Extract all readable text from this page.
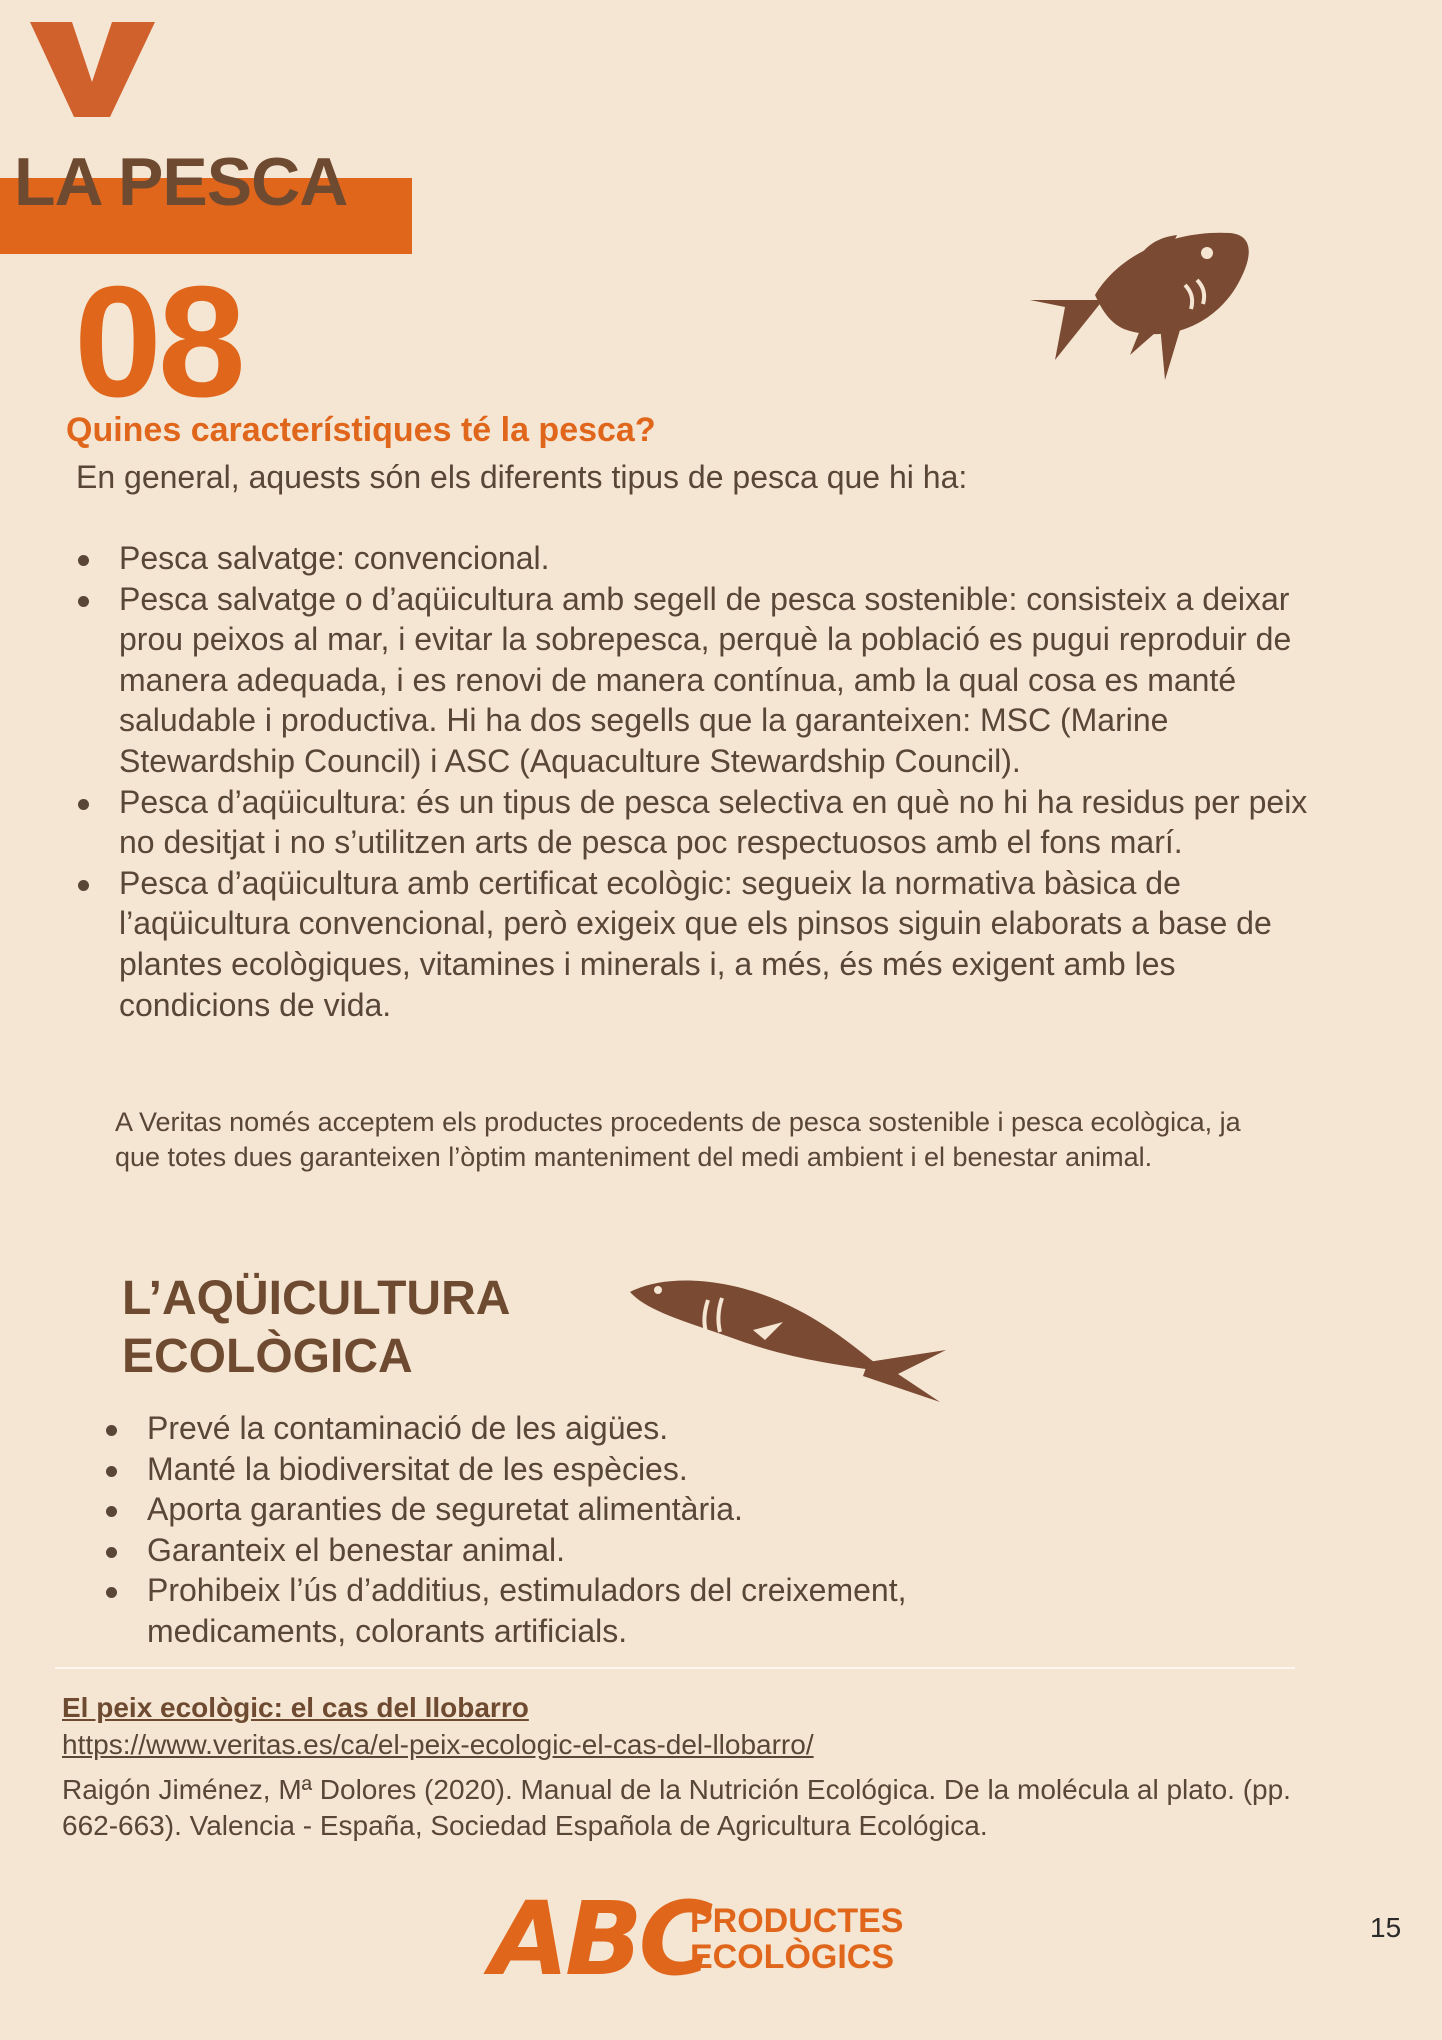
LA PESCA
08
Quines característiques té la pesca?

En general, aquests són els diferents tipus de pesca que hi ha:

Pesca salvatge: convencional.
Pesca salvatge o d’aqüicultura amb segell de pesca sostenible: consisteix a deixar prou peixos al mar, i evitar la sobrepesca, perquè la població es pugui reproduir de manera adequada, i es renovi de manera contínua, amb la qual cosa es manté saludable i productiva. Hi ha dos segells que la garanteixen: MSC (Marine Stewardship Council) i ASC (Aquaculture Stewardship Council).
Pesca d’aqüicultura: és un tipus de pesca selectiva en què no hi ha residus per peix no desitjat i no s’utilitzen arts de pesca poc respectuosos amb el fons marí.
Pesca d’aqüicultura amb certificat ecològic: segueix la normativa bàsica de l’aqüicultura convencional, però exigeix que els pinsos siguin elaborats a base de plantes ecològiques, vitamines i minerals i, a més, és més exigent amb les condicions de vida.

A Veritas només acceptem els productes procedents de pesca sostenible i pesca ecològica, ja que totes dues garanteixen l’òptim manteniment del medi ambient i el benestar animal.

L’AQÜICULTURA
ECOLÒGICA
Prevé la contaminació de les aigües.
Manté la biodiversitat de les espècies.
Aporta garanties de seguretat alimentària.
Garanteix el benestar animal.
Prohibeix l’ús d’additius, estimuladors del creixement, medicaments, colorants artificials.
El peix ecològic: el cas del llobarro
https://www.veritas.es/ca/el-peix-ecologic-el-cas-del-llobarro/

Raigón Jiménez, Mª Dolores (2020). Manual de la Nutrición Ecológica. De la molécula al plato. (pp. 662-663). Valencia - España, Sociedad Española de Agricultura Ecológica.

ABC
PRODUCTES
ECOLÒGICS
15
